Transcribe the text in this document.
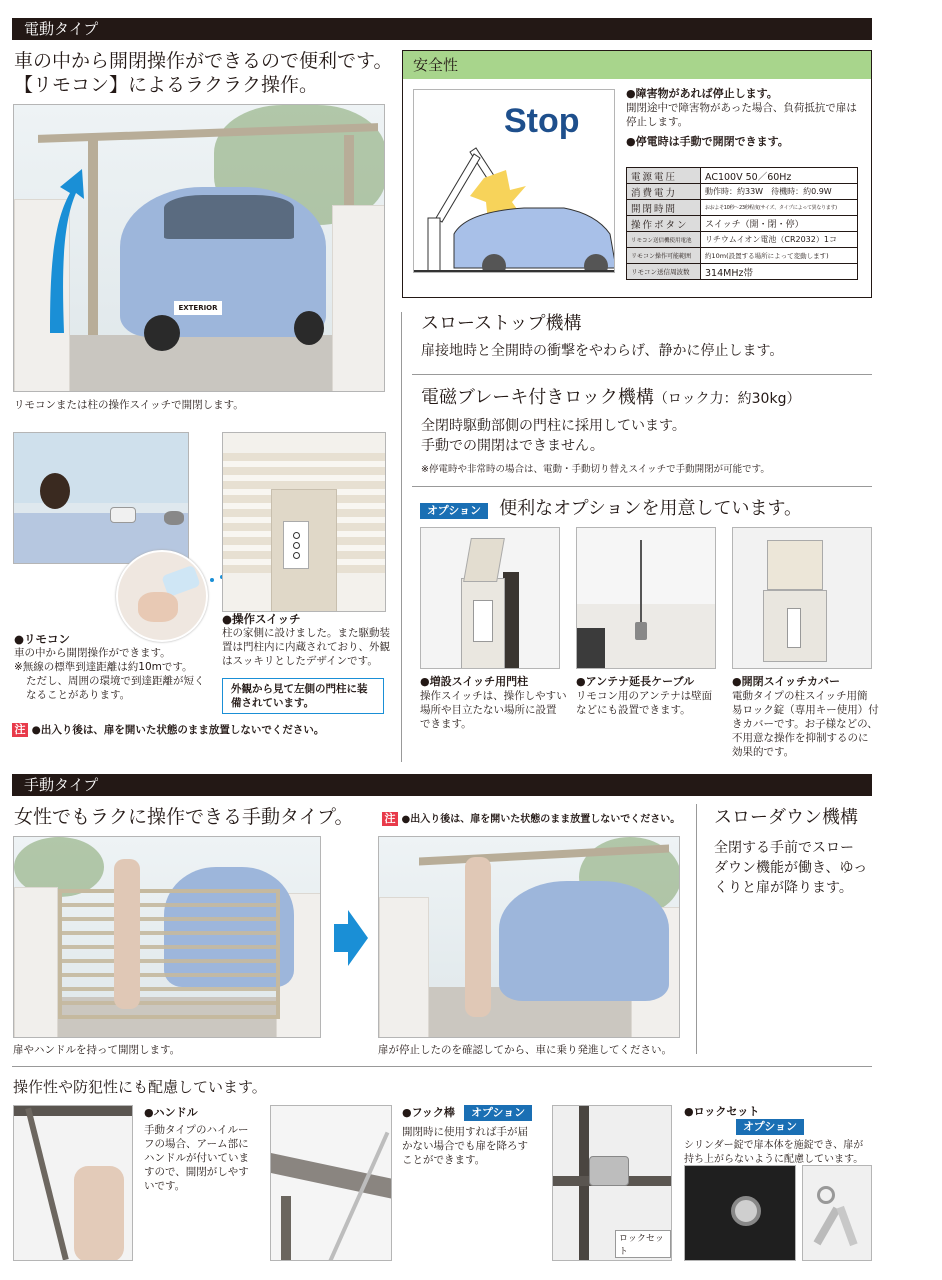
電動タイプ
車の中から開閉操作ができるので便利です。
【リモコン】によるラクラク操作。
EXTERIOR
リモコンまたは柱の操作スイッチで開閉します。
●リモコン
車の中から開閉操作ができます。
※無線の標準到達距離は約10mです。
ただし、周囲の環境で到達距離が短く
なることがあります。
●操作スイッチ
柱の家側に設けました。また駆動装
置は門柱内に内蔵されており、外観
はスッキリとしたデザインです。
外観から見て左側の門柱に装
備されています。
注 ●出入り後は、扉を開いた状態のまま放置しないでください。
安全性
Stop
●障害物があれば停止します。
開閉途中で障害物があった場合、負荷抵抗で扉は
停止します。
●停電時は手動で開閉できます。
電源電圧	AC100V 50／60Hz
消費電力	動作時：約33W　待機時：約0.9W
開閉時間	おおよそ10秒～23秒程度(サイズ、タイプによって異なります)
操作ボタン	スイッチ（開・閉・停）
リモコン送信機使用電池	リチウムイオン電池（CR2032）1コ
リモコン操作可能範囲	約10m(設置する場所によって変動します)
リモコン送信周波数	314MHz帯
スローストップ機構
扉接地時と全開時の衝撃をやわらげ、静かに停止します。
電磁ブレーキ付きロック機構（ロック力：約30kg）
全閉時駆動部側の門柱に採用しています。
手動での開閉はできません。
※停電時や非常時の場合は、電動・手動切り替えスイッチで手動開閉が可能です。
オプション 便利なオプションを用意しています。
●増設スイッチ用門柱
操作スイッチは、操作しやすい
場所や目立たない場所に設置
できます。
●アンテナ延長ケーブル
リモコン用のアンテナは壁面
などにも設置できます。
●開閉スイッチカバー
電動タイプの柱スイッチ用簡
易ロック錠（専用キー使用）付
きカバーです。お子様などの、
不用意な操作を抑制するのに
効果的です。
手動タイプ
女性でもラクに操作できる手動タイプ。	注 ●出入り後は、扉を開いた状態のまま放置しないでください。
扉やハンドルを持って開閉します。	扉が停止したのを確認してから、車に乗り発進してください。
スローダウン機構
全閉する手前でスロー
ダウン機能が働き、ゆっ
くりと扉が降ります。
操作性や防犯性にも配慮しています。
●ハンドル
手動タイプのハイルー
フの場合、アーム部に
ハンドルが付いていま
すので、開閉がしやす
いです。
●フック棒 オプション
開閉時に使用すれば手が届
かない場合でも扉を降ろす
ことができます。
ロックセット
●ロックセットオプション
シリンダー錠で扉本体を施錠でき、扉が
持ち上がらないように配慮しています。
